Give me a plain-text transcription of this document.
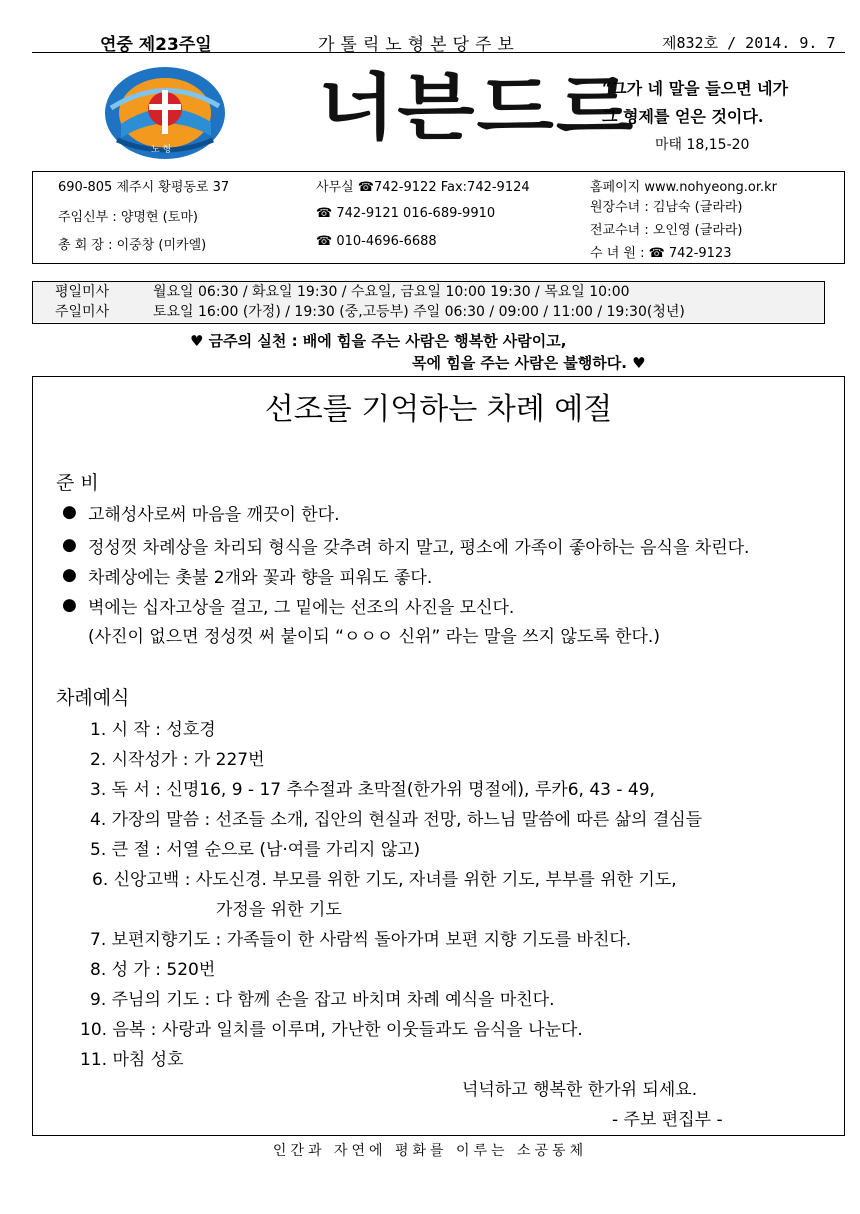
연중 제23주일	가톨릭노형본당주보	제832호 / 2014. 9. 7
노 형
너븐드르
“그가 네 말을 들으면 네가
그 형제를 얻은 것이다.
마태 18,15-20
690-805 제주시 황평동로 37	사무실 ☎742-9122 Fax:742-9124	홈페이지 www.nohyeong.or.kr
주임신부 : 양명현 (토마)	☎ 742-9121 016-689-9910	원장수녀 : 김남숙 (글라라)
전교수녀 : 오인영 (글라라)
총 회 장 : 이중창 (미카엘)	☎ 010-4696-6688
수 녀 원 : ☎ 742-9123
평일미사	월요일 06:30 / 화요일 19:30 / 수요일, 금요일 10:00 19:30 / 목요일 10:00
주일미사	토요일 16:00 (가정) / 19:30 (중,고등부) 주일 06:30 / 09:00 / 11:00 / 19:30(청년)
♥ 금주의 실천 : 배에 힘을 주는 사람은 행복한 사람이고,
목에 힘을 주는 사람은 불행하다. ♥
선조를 기억하는 차례 예절
준 비
● 고해성사로써 마음을 깨끗이 한다.
● 정성껏 차례상을 차리되 형식을 갖추려 하지 말고, 평소에 가족이 좋아하는 음식을 차린다.
● 차례상에는 촛불 2개와 꽃과 향을 피워도 좋다.
● 벽에는 십자고상을 걸고, 그 밑에는 선조의 사진을 모신다.
(사진이 없으면 정성껏 써 붙이되 “ㅇㅇㅇ 신위” 라는 말을 쓰지 않도록 한다.)
차례예식
1. 시 작 : 성호경
2. 시작성가 : 가 227번
3. 독 서 : 신명16, 9 - 17 추수절과 초막절(한가위 명절에), 루카6, 43 - 49,
4. 가장의 말씀 : 선조들 소개, 집안의 현실과 전망, 하느님 말씀에 따른 삶의 결심들
5. 큰 절 : 서열 순으로 (남·여를 가리지 않고)
6. 신앙고백 : 사도신경. 부모를 위한 기도, 자녀를 위한 기도, 부부를 위한 기도,
가정을 위한 기도
7. 보편지향기도 : 가족들이 한 사람씩 돌아가며 보편 지향 기도를 바친다.
8. 성 가 : 520번
9. 주님의 기도 : 다 함께 손을 잡고 바치며 차례 예식을 마친다.
10. 음복 : 사랑과 일치를 이루며, 가난한 이웃들과도 음식을 나눈다.
11. 마침 성호
넉넉하고 행복한 한가위 되세요.
- 주보 편집부 -
인간과 자연에 평화를 이루는 소공동체
